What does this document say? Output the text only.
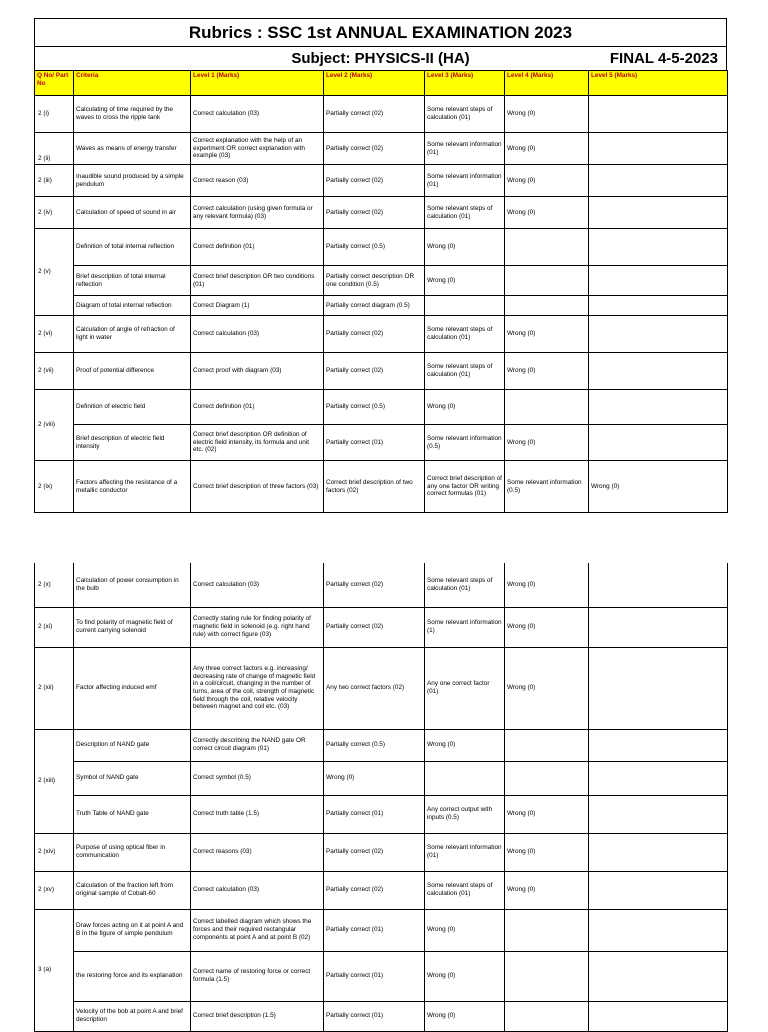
Rubrics : SSC 1st ANNUAL EXAMINATION 2023
Subject: PHYSICS-II (HA)	FINAL 4-5-2023
Q No/ Part No	Criteria	Level 1 (Marks)	Level 2 (Marks)	Level 3 (Marks)	Level 4 (Marks)	Level 5 (Marks)
2 (i)	Calculating of time required by the waves to cross the ripple tank	Correct calculation (03)	Partially correct (02)	Some relevant steps of calculation (01)	Wrong (0)	
2 (ii)	Waves as means of energy transfer	Correct explanation with the help of an experiment OR correct explanation with example (03)	Partially correct (02)	Some relevant information (01)	Wrong (0)	
2 (iii)	Inaudible sound produced by a simple pendulum	Correct reason (03)	Partially correct (02)	Some relevant information (01)	Wrong (0)	
2 (iv)	Calculation of speed of sound in air	Correct calculation (using given formula or any relevant formula) (03)	Partially correct (02)	Some relevant steps of calculation (01)	Wrong (0)	
2 (v)	Definition of total internal reflection	Correct definition (01)	Partially correct (0.5)	Wrong (0)		
	Brief description of total internal reflection	Correct brief description OR two conditions (01)	Partially correct description OR one condition (0.5)	Wrong (0)		
	Diagram of total internal reflection	Correct Diagram (1)	Partially correct diagram (0.5)			
2 (vi)	Calculation of angle of refraction of light in water	Correct calculation (03)	Partially correct (02)	Some relevant steps of calculation (01)	Wrong (0)	
2 (vii)	Proof of potential difference	Correct proof with diagram (03)	Partially correct (02)	Some relevant steps of calculation (01)	Wrong (0)	
2 (viii)	Definition of electric field	Correct definition (01)	Partially correct (0.5)	Wrong (0)		
	Brief description of electric field intensity	Correct brief description OR definition of electric field intensity, its formula and unit etc. (02)	Partially correct (01)	Some relevant information (0.5)	Wrong (0)	
2 (ix)	Factors affecting the resistance of a metallic conductor	Correct brief description of three factors (03)	Correct brief description of two factors (02)	Correct brief description of any one factor OR writing correct formulas (01)	Some relevant information (0.5)	Wrong (0)
2 (x)	Calculation of power consumption in the bulb	Correct calculation (03)	Partially correct (02)	Some relevant steps of calculation (01)	Wrong (0)	
2 (xi)	To find polarity of magnetic field of current carrying solenoid	Correctly stating rule for finding polarity of magnetic field in solenoid (e.g. right hand rule) with correct figure (03)	Partially correct (02)	Some relevant information (1)	Wrong (0)	
2 (xii)	Factor affecting induced emf	Any three correct factors e.g. increasing/ decreasing rate of change of magnetic field in a coil/circuit, changing in the number of turns, area of the coil, strength of magnetic field through the coil, relative velocity between magnet and coil etc. (03)	Any two correct factors (02)	Any one correct factor (01)	Wrong (0)	
2 (xiii)	Description of NAND gate	Correctly describing the NAND gate OR correct circuit diagram (01)	Partially correct (0.5)	Wrong (0)		
	Symbol of NAND gate	Correct symbol (0.5)	Wrong (0)			
	Truth Table of NAND gate	Correct truth table (1.5)	Partially correct (01)	Any correct output with inputs (0.5)	Wrong (0)	
2 (xiv)	Purpose of using optical fiber in communication	Correct reasons (03)	Partially correct (02)	Some relevant information (01)	Wrong (0)	
2 (xv)	Calculation of the fraction left from original sample of Cobalt-60	Correct calculation (03)	Partially correct (02)	Some relevant steps of calculation (01)	Wrong (0)	
3 (a)	Draw forces acting on it at point A and B in the figure of simple pendulum	Correct labelled diagram which shows the forces and their required rectangular components at point A and at point B (02)	Partially correct (01)	Wrong (0)		
	the restoring force and its explanation	Correct name of restoring force or correct formula (1.5)	Partially correct (01)	Wrong (0)		
	Velocity of the bob at point A and brief description	Correct brief description (1.5)	Partially correct (01)	Wrong (0)		
